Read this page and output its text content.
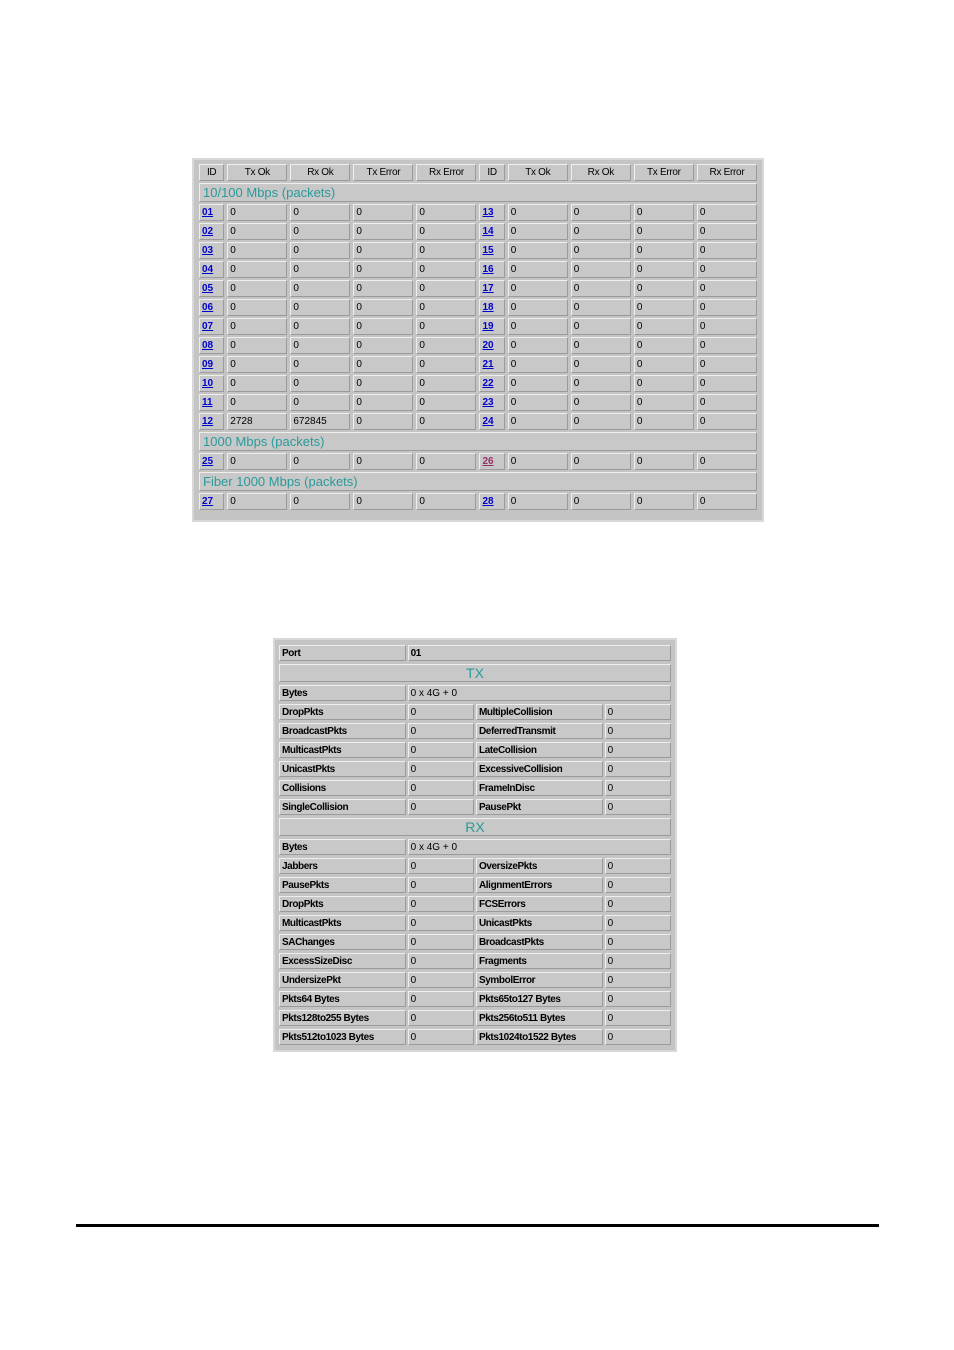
ID	Tx Ok	Rx Ok	Tx Error	Rx Error	ID	Tx Ok	Rx Ok	Tx Error	Rx Error
10/100 Mbps (packets)									
01	0	0	0	0	13	0	0	0	0
02	0	0	0	0	14	0	0	0	0
03	0	0	0	0	15	0	0	0	0
04	0	0	0	0	16	0	0	0	0
05	0	0	0	0	17	0	0	0	0
06	0	0	0	0	18	0	0	0	0
07	0	0	0	0	19	0	0	0	0
08	0	0	0	0	20	0	0	0	0
09	0	0	0	0	21	0	0	0	0
10	0	0	0	0	22	0	0	0	0
11	0	0	0	0	23	0	0	0	0
12	2728	672845	0	0	24	0	0	0	0
1000 Mbps (packets)									
25	0	0	0	0	26	0	0	0	0
Fiber 1000 Mbps (packets)									
27	0	0	0	0	28	0	0	0	0
Port	01		
TX			
Bytes	0 x 4G + 0		
DropPkts	0	MultipleCollision	0
BroadcastPkts	0	DeferredTransmit	0
MulticastPkts	0	LateCollision	0
UnicastPkts	0	ExcessiveCollision	0
Collisions	0	FrameInDisc	0
SingleCollision	0	PausePkt	0
RX			
Bytes	0 x 4G + 0		
Jabbers	0	OversizePkts	0
PausePkts	0	AlignmentErrors	0
DropPkts	0	FCSErrors	0
MulticastPkts	0	UnicastPkts	0
SAChanges	0	BroadcastPkts	0
ExcessSizeDisc	0	Fragments	0
UndersizePkt	0	SymbolError	0
Pkts64 Bytes	0	Pkts65to127 Bytes	0
Pkts128to255 Bytes	0	Pkts256to511 Bytes	0
Pkts512to1023 Bytes	0	Pkts1024to1522 Bytes	0
